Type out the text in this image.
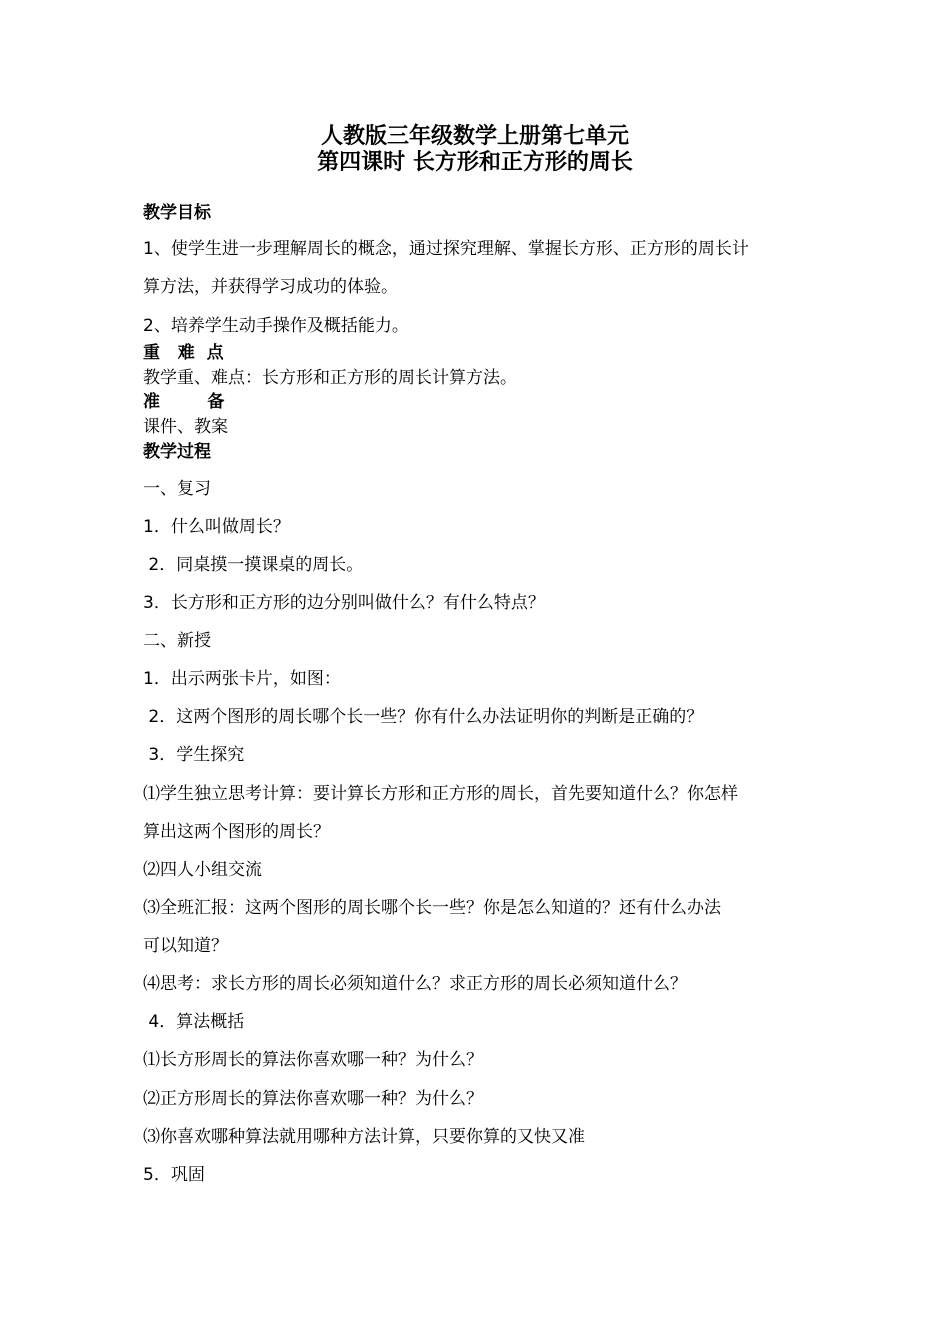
人教版三年级数学上册第七单元
第四课时 长方形和正方形的周长
教学目标
1、使学生进一步理解周长的概念，通过探究理解、掌握长方形、正方形的周长计
算方法，并获得学习成功的体验。
2、培养学生动手操作及概括能力。
重   难  点
教学重、难点：长方形和正方形的周长计算方法。
准        备
课件、教案
教学过程
一、复习
1．什么叫做周长？
2．同桌摸一摸课桌的周长。
3．长方形和正方形的边分别叫做什么？有什么特点？
二、新授
1．出示两张卡片，如图：
2．这两个图形的周长哪个长一些？你有什么办法证明你的判断是正确的？
3．学生探究
⑴学生独立思考计算：要计算长方形和正方形的周长，首先要知道什么？你怎样
算出这两个图形的周长？
⑵四人小组交流
⑶全班汇报：这两个图形的周长哪个长一些？你是怎么知道的？还有什么办法
可以知道？
⑷思考：求长方形的周长必须知道什么？求正方形的周长必须知道什么？
4．算法概括
⑴长方形周长的算法你喜欢哪一种？为什么？
⑵正方形周长的算法你喜欢哪一种？为什么？
⑶你喜欢哪种算法就用哪种方法计算，只要你算的又快又准
5．巩固
